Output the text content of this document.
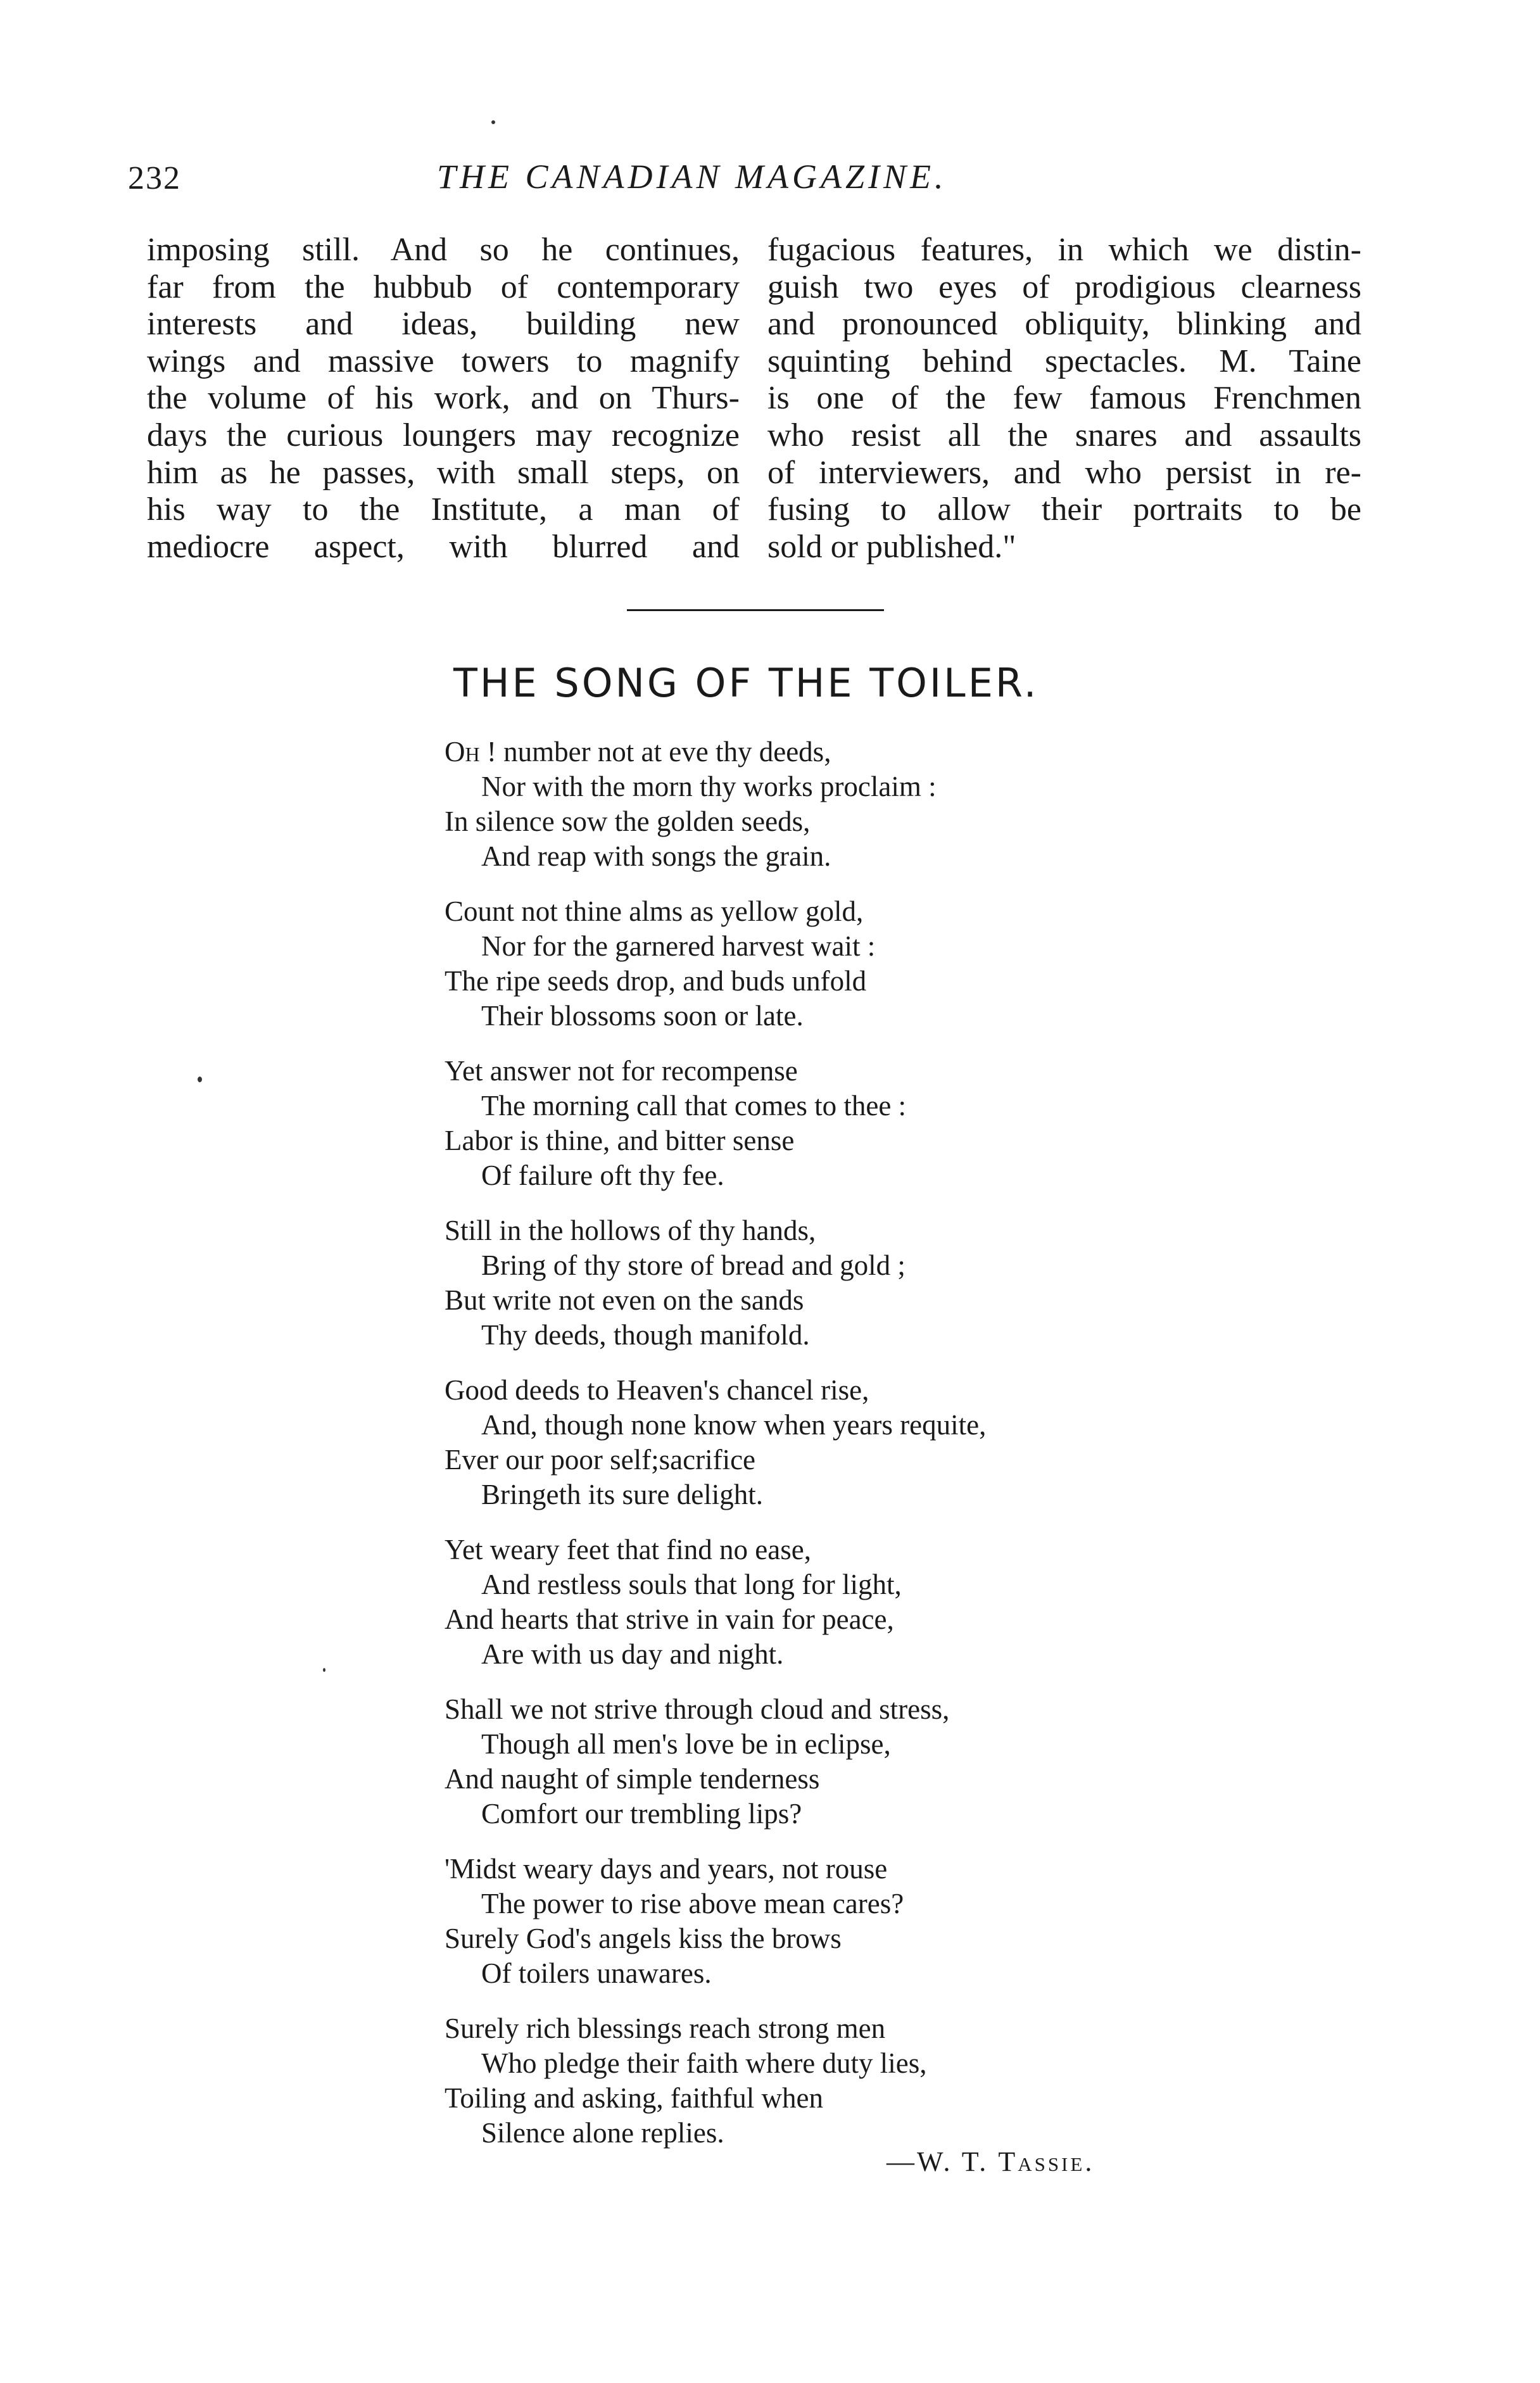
232	THE CANADIAN MAGAZINE.
imposing still. And so he continues,
far from the hubbub of contemporary
interests and ideas, building new
wings and massive towers to magnify
the volume of his work, and on Thurs-
days the curious loungers may recognize
him as he passes, with small steps, on
his way to the Institute, a man of
mediocre aspect, with blurred and
fugacious features, in which we distin-
guish two eyes of prodigious clearness
and pronounced obliquity, blinking and
squinting behind spectacles. M. Taine
is one of the few famous Frenchmen
who resist all the snares and assaults
of interviewers, and who persist in re-
fusing to allow their portraits to be
sold or published."
THE SONG OF THE TOILER.
Oh ! number not at eve thy deeds,
Nor with the morn thy works proclaim :
In silence sow the golden seeds,
And reap with songs the grain.
Count not thine alms as yellow gold,
Nor for the garnered harvest wait :
The ripe seeds drop, and buds unfold
Their blossoms soon or late.
Yet answer not for recompense
The morning call that comes to thee :
Labor is thine, and bitter sense
Of failure oft thy fee.
Still in the hollows of thy hands,
Bring of thy store of bread and gold ;
But write not even on the sands
Thy deeds, though manifold.
Good deeds to Heaven's chancel rise,
And, though none know when years requite,
Ever our poor self;sacrifice
Bringeth its sure delight.
Yet weary feet that find no ease,
And restless souls that long for light,
And hearts that strive in vain for peace,
Are with us day and night.
Shall we not strive through cloud and stress,
Though all men's love be in eclipse,
And naught of simple tenderness
Comfort our trembling lips?
'Midst weary days and years, not rouse
The power to rise above mean cares?
Surely God's angels kiss the brows
Of toilers unawares.
Surely rich blessings reach strong men
Who pledge their faith where duty lies,
Toiling and asking, faithful when
Silence alone replies.
—W. T. Tassie.
